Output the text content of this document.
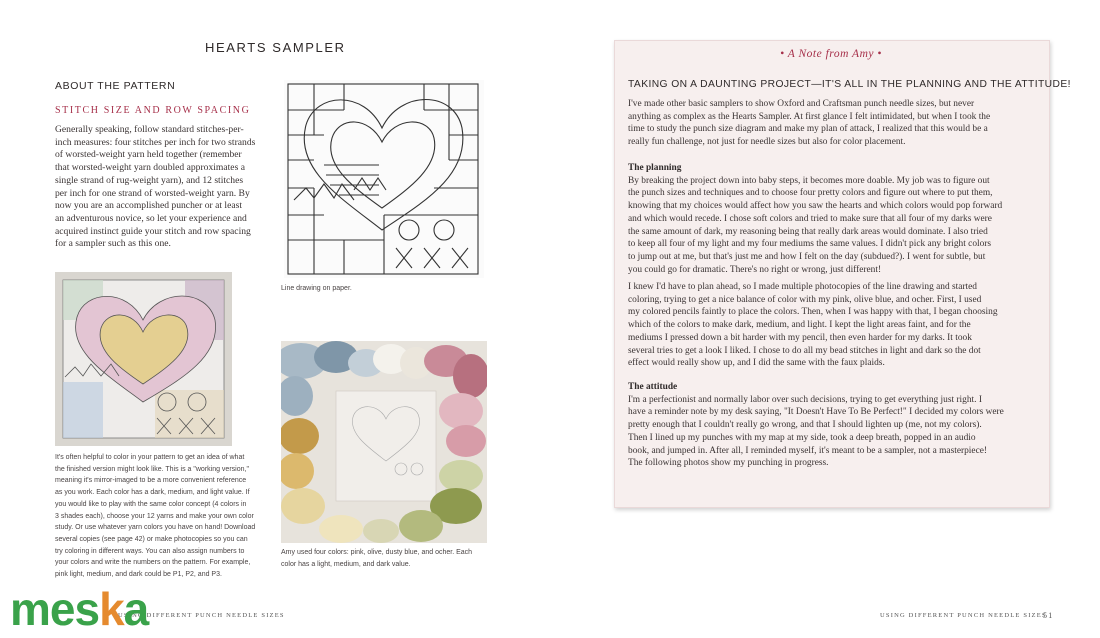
HEARTS SAMPLER
ABOUT THE PATTERN
STITCH SIZE AND ROW SPACING
Generally speaking, follow standard stitches-per-
inch measures: four stitches per inch for two strands
of worsted-weight yarn held together (remember
that worsted-weight yarn doubled approximates a
single strand of rug-weight yarn), and 12 stitches
per inch for one strand of worsted-weight yarn. By
now you are an accomplished puncher or at least
an adventurous novice, so let your experience and
acquired instinct guide your stitch and row spacing
for a sampler such as this one.
Line drawing on paper.
It's often helpful to color in your pattern to get an idea of what
the finished version might look like. This is a "working version,"
meaning it's mirror-imaged to be a more convenient reference
as you work. Each color has a dark, medium, and light value. If
you would like to play with the same color concept (4 colors in
3 shades each), choose your 12 yarns and make your own color
study. Or use whatever yarn colors you have on hand! Download
several copies (see page 42) or make photocopies so you can
try coloring in different ways. You can also assign numbers to
your colors and write the numbers on the pattern. For example,
pink light, medium, and dark could be P1, P2, and P3.
Amy used four colors: pink, olive, dusty blue, and ocher. Each
color has a light, medium, and dark value.
USING DIFFERENT PUNCH NEEDLE SIZES
meska
• A Note from Amy •
TAKING ON A DAUNTING PROJECT—IT'S ALL IN THE PLANNING AND THE ATTITUDE!
I've made other basic samplers to show Oxford and Craftsman punch needle sizes, but never
anything as complex as the Hearts Sampler. At first glance I felt intimidated, but when I took the
time to study the punch size diagram and make my plan of attack, I realized that this would be a
really fun challenge, not just for needle sizes but also for color placement.
The planning
By breaking the project down into baby steps, it becomes more doable. My job was to figure out
the punch sizes and techniques and to choose four pretty colors and figure out where to put them,
knowing that my choices would affect how you saw the hearts and which colors would pop forward
and which would recede. I chose soft colors and tried to make sure that all four of my darks were
the same amount of dark, my reasoning being that really dark areas would dominate. I also tried
to keep all four of my light and my four mediums the same values. I didn't pick any bright colors
to jump out at me, but that's just me and how I felt on the day (subdued?). I went for subtle, but
you could go for dramatic. There's no right or wrong, just different!
I knew I'd have to plan ahead, so I made multiple photocopies of the line drawing and started
coloring, trying to get a nice balance of color with my pink, olive blue, and ocher. First, I used
my colored pencils faintly to place the colors. Then, when I was happy with that, I began choosing
which of the colors to make dark, medium, and light. I kept the light areas faint, and for the
mediums I pressed down a bit harder with my pencil, then even harder for my darks. It took
several tries to get a look I liked. I chose to do all my bead stitches in light and dark so the dot
effect would really show up, and I did the same with the faux plaids.
The attitude
I'm a perfectionist and normally labor over such decisions, trying to get everything just right. I
have a reminder note by my desk saying, "It Doesn't Have To Be Perfect!" I decided my colors were
pretty enough that I couldn't really go wrong, and that I should lighten up (me, not my colors).
Then I lined up my punches with my map at my side, took a deep breath, popped in an audio
book, and jumped in. After all, I reminded myself, it's meant to be a sampler, not a masterpiece!
The following photos show my punching in progress.
USING DIFFERENT PUNCH NEEDLE SIZES
51
